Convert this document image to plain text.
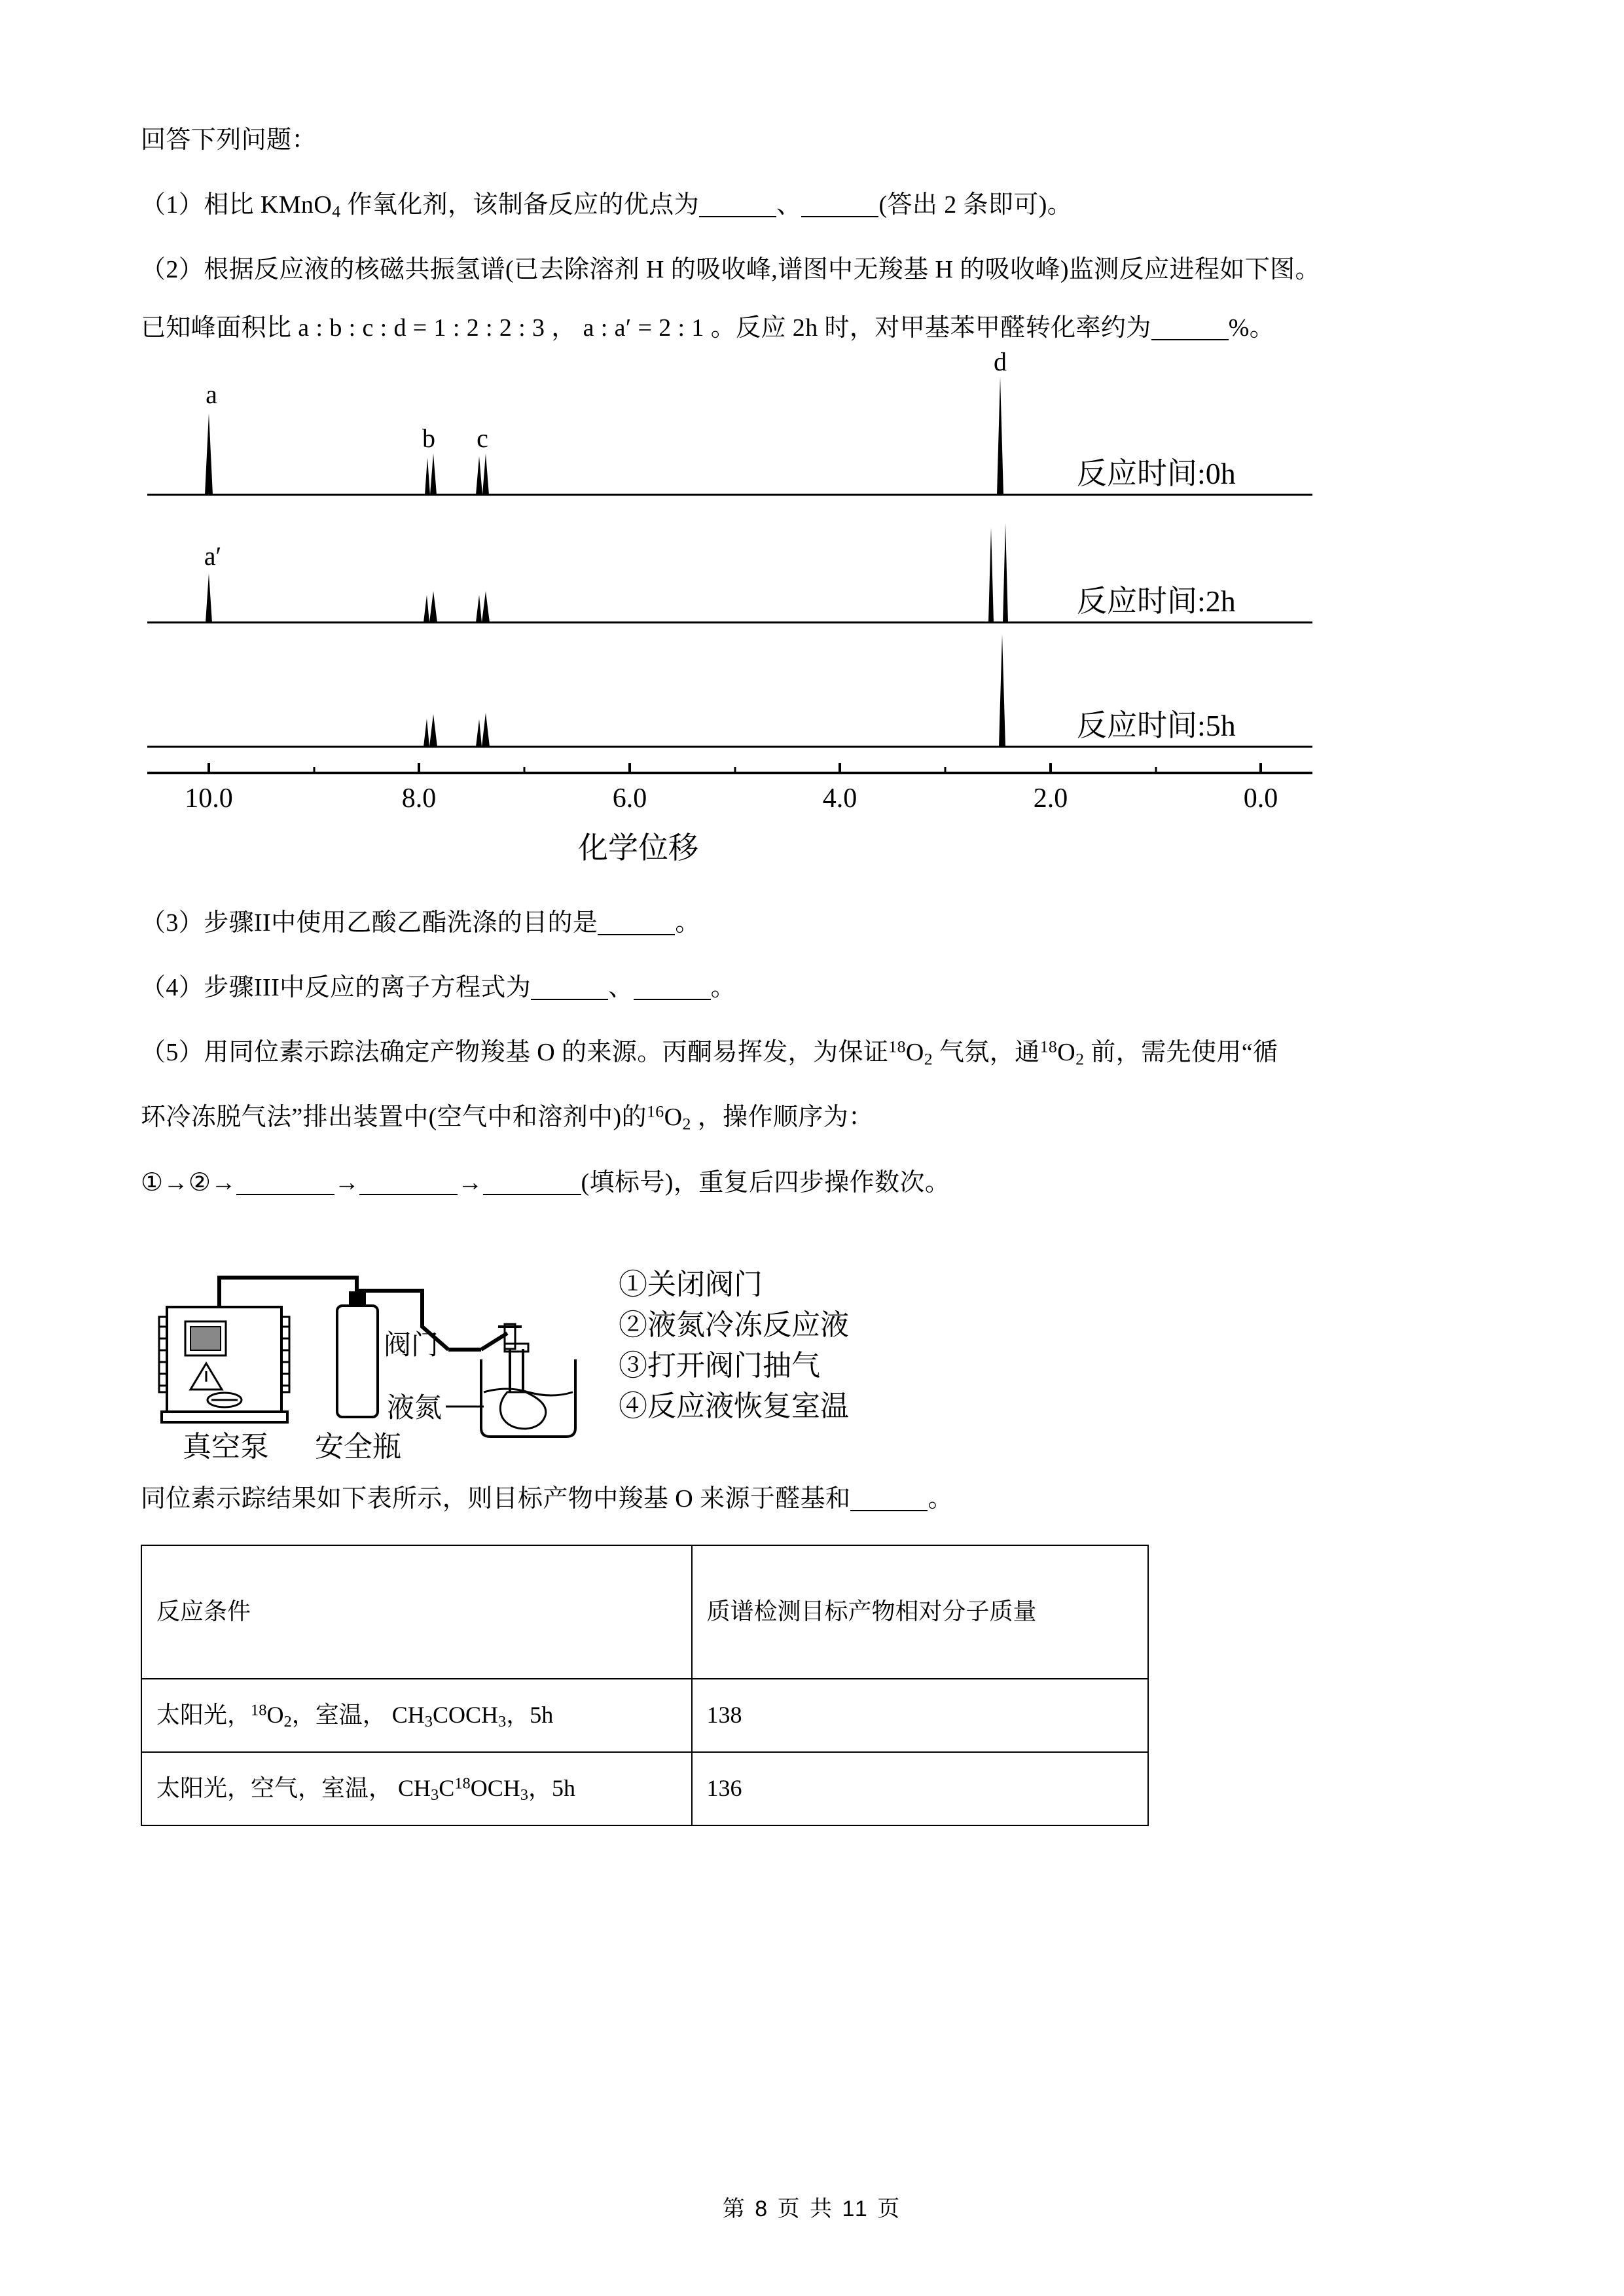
回答下列问题：

（1）相比 KMnO$_4$ 作氧化剂，该制备反应的优点为	、	(答出 2 条即可)。

（2）根据反应液的核磁共振氢谱(已去除溶剂 H 的吸收峰,谱图中无羧基 H 的吸收峰)监测反应进程如下图。

已知峰面积比 a : b : c : d = 1 : 2 : 2 : 3 ， a : a′ = 2 : 1 。反应 2h 时，对甲基苯甲醛转化率约为	%。

a
b c
d
反应时间:0h
a′
反应时间:2h
反应时间:5h
10.0	8.0	6.0	4.0	2.0	0.0
化学位移

（3）步骤II中使用乙酸乙酯洗涤的目的是	。

（4）步骤III中反应的离子方程式为	、	。

（5）用同位素示踪法确定产物羧基 O 的来源。丙酮易挥发，为保证$^{18}O_2$ 气氛，通$^{18}O_2$ 前，需先使用“循

环冷冻脱气法”排出装置中(空气中和溶剂中)的$^{16}O_2$ ，操作顺序为：

①→②→	→	→	(填标号)，重复后四步操作数次。

真空泵 安全瓶
阀门
液氮
①关闭阀门
②液氮冷冻反应液
③打开阀门抽气
④反应液恢复室温

同位素示踪结果如下表所示，则目标产物中羧基 O 来源于醛基和	。

反应条件	质谱检测目标产物相对分子质量
太阳光，$^{18}O_2$，室温， $CH_3COCH_3$，5h	138
太阳光，空气，室温， $CH_3C^{18}OCH_3$，5h	136
第 8 页 共 11 页
